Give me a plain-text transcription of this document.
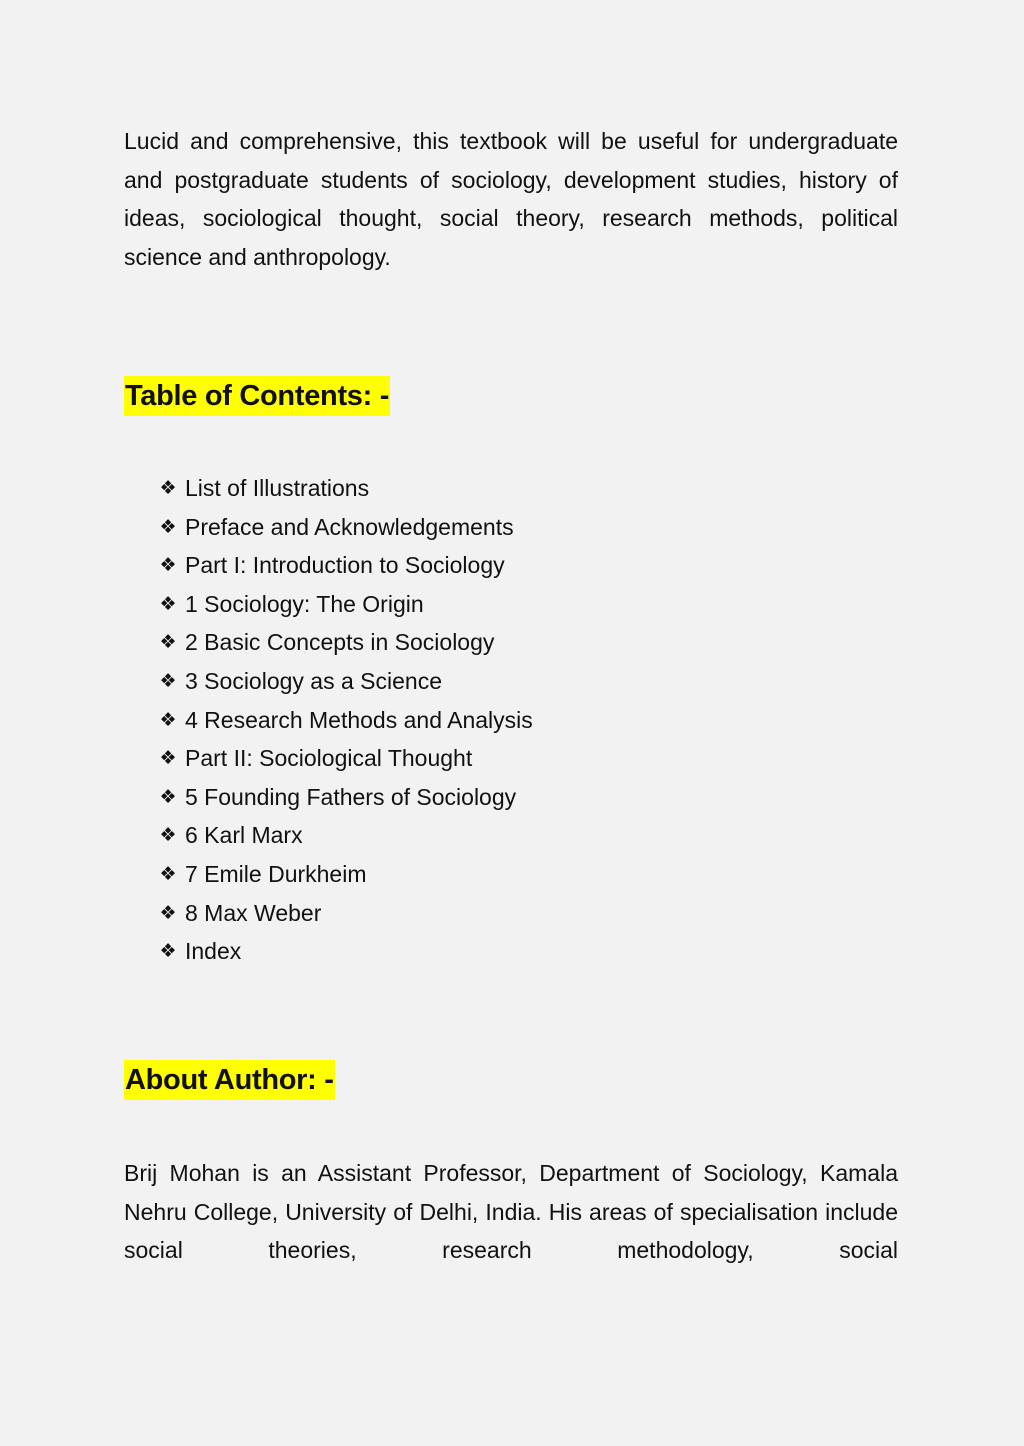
Lucid and comprehensive, this textbook will be useful for undergraduate and postgraduate students of sociology, development studies, history of ideas, sociological thought, social theory, research methods, political science and anthropology.

Table of Contents: -
❖ List of Illustrations
❖ Preface and Acknowledgements
❖ Part I: Introduction to Sociology
❖ 1 Sociology: The Origin
❖ 2 Basic Concepts in Sociology
❖ 3 Sociology as a Science
❖ 4 Research Methods and Analysis
❖ Part II: Sociological Thought
❖ 5 Founding Fathers of Sociology
❖ 6 Karl Marx
❖ 7 Emile Durkheim
❖ 8 Max Weber
❖ Index
About Author: -

Brij Mohan is an Assistant Professor, Department of Sociology, Kamala Nehru College, University of Delhi, India. His areas of specialisation include social theories, research methodology, social
